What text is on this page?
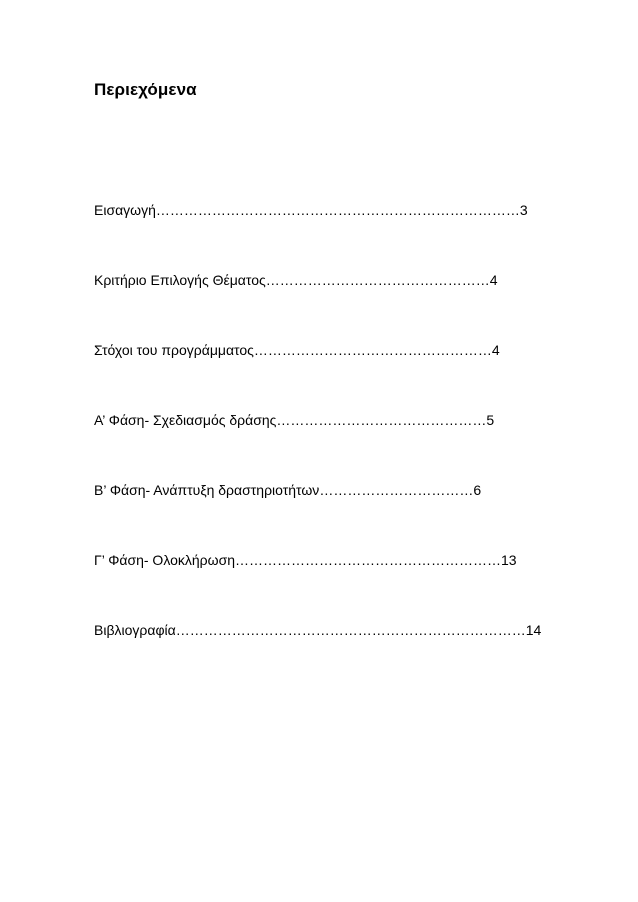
Περιεχόμενα
Εισαγωγή……………………………………………………………………3
Κριτήριο Επιλογής Θέματος…………………………………………4
Στόχοι του προγράμματος……………………………………………4
Α’ Φάση- Σχεδιασμός δράσης………………………………………5
Β’ Φάση- Ανάπτυξη δραστηριοτήτων……………………………6
Γ’ Φάση- Ολοκλήρωση…………………………………………………13
Βιβλιογραφία…………………………………………………………………14
